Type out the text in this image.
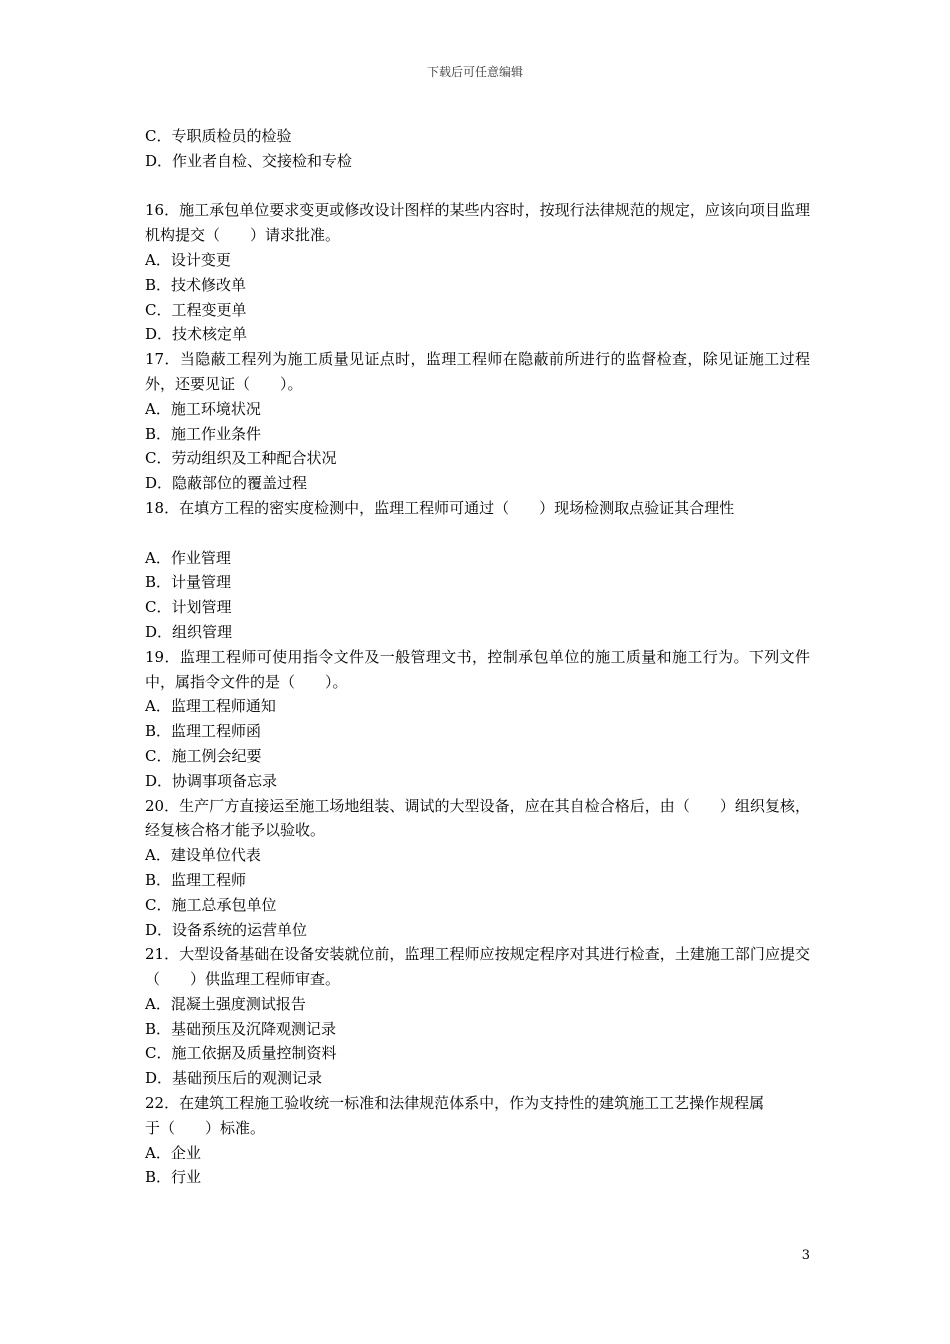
下载后可任意编辑
C．专职质检员的检验
D．作业者自检、交接检和专检
16．施工承包单位要求变更或修改设计图样的某些内容时，按现行法律规范的规定，应该向项目监理机构提交（　　）请求批准。
A．设计变更
B．技术修改单
C．工程变更单
D．技术核定单
17．当隐蔽工程列为施工质量见证点时，监理工程师在隐蔽前所进行的监督检查，除见证施工过程外，还要见证（　　）。
A．施工环境状况
B．施工作业条件
C．劳动组织及工种配合状况
D．隐蔽部位的覆盖过程
18．在填方工程的密实度检测中，监理工程师可通过（　　）现场检测取点验证其合理性
A．作业管理
B．计量管理
C．计划管理
D．组织管理
19．监理工程师可使用指令文件及一般管理文书，控制承包单位的施工质量和施工行为。下列文件中，属指令文件的是（　　）。
A．监理工程师通知
B．监理工程师函
C．施工例会纪要
D．协调事项备忘录
20．生产厂方直接运至施工场地组装、调试的大型设备，应在其自检合格后，由（　　）组织复核，经复核合格才能予以验收。
A．建设单位代表
B．监理工程师
C．施工总承包单位
D．设备系统的运营单位
21．大型设备基础在设备安装就位前，监理工程师应按规定程序对其进行检查，土建施工部门应提交（　　）供监理工程师审查。
A．混凝土强度测试报告
B．基础预压及沉降观测记录
C．施工依据及质量控制资料
D．基础预压后的观测记录
22．在建筑工程施工验收统一标准和法律规范体系中，作为支持性的建筑施工工艺操作规程属
于（　　）标准。
A．企业
B．行业
3
